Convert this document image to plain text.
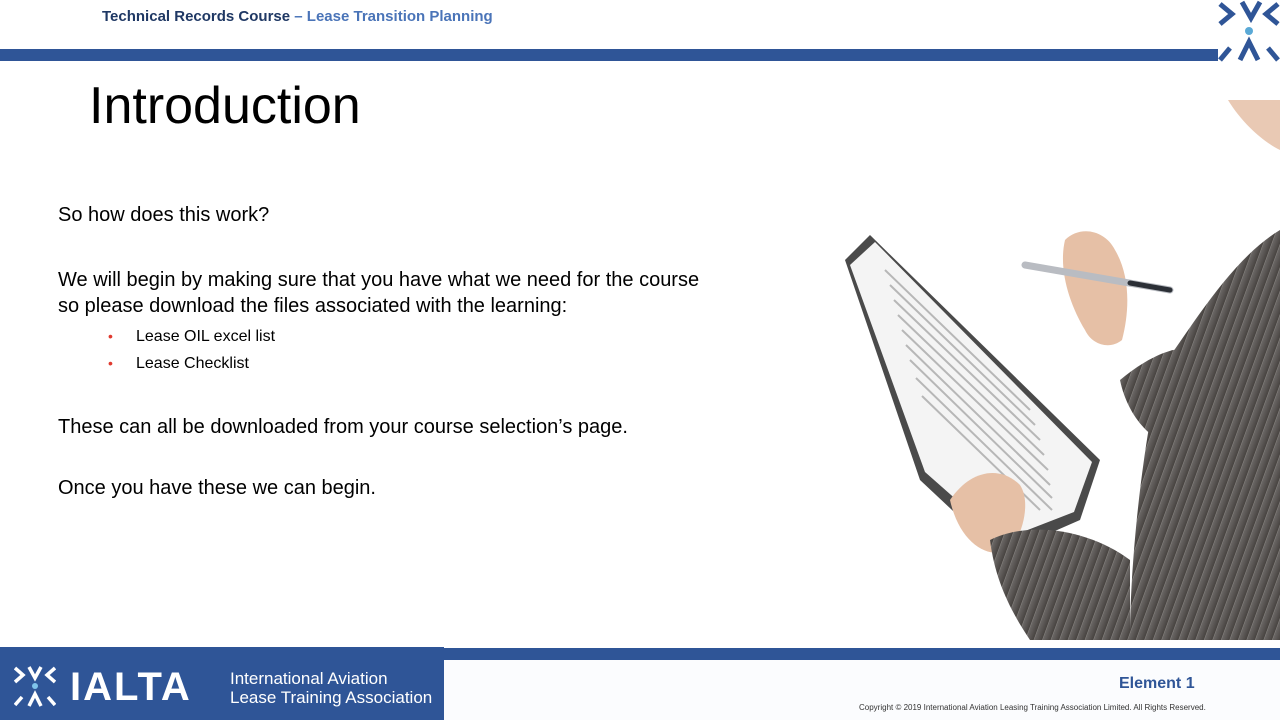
Technical Records Course – Lease Transition Planning
Introduction

So how does this work?

We will begin by making sure that you have what we need for the course
so please download the files associated with the learning:

• Lease OIL excel list
• Lease Checklist

These can all be downloaded from your course selection’s page.

Once you have these we can begin.

IALTA International Aviation
Lease Training Association
Element 1
Copyright © 2019 International Aviation Leasing Training Association Limited. All Rights Reserved.
